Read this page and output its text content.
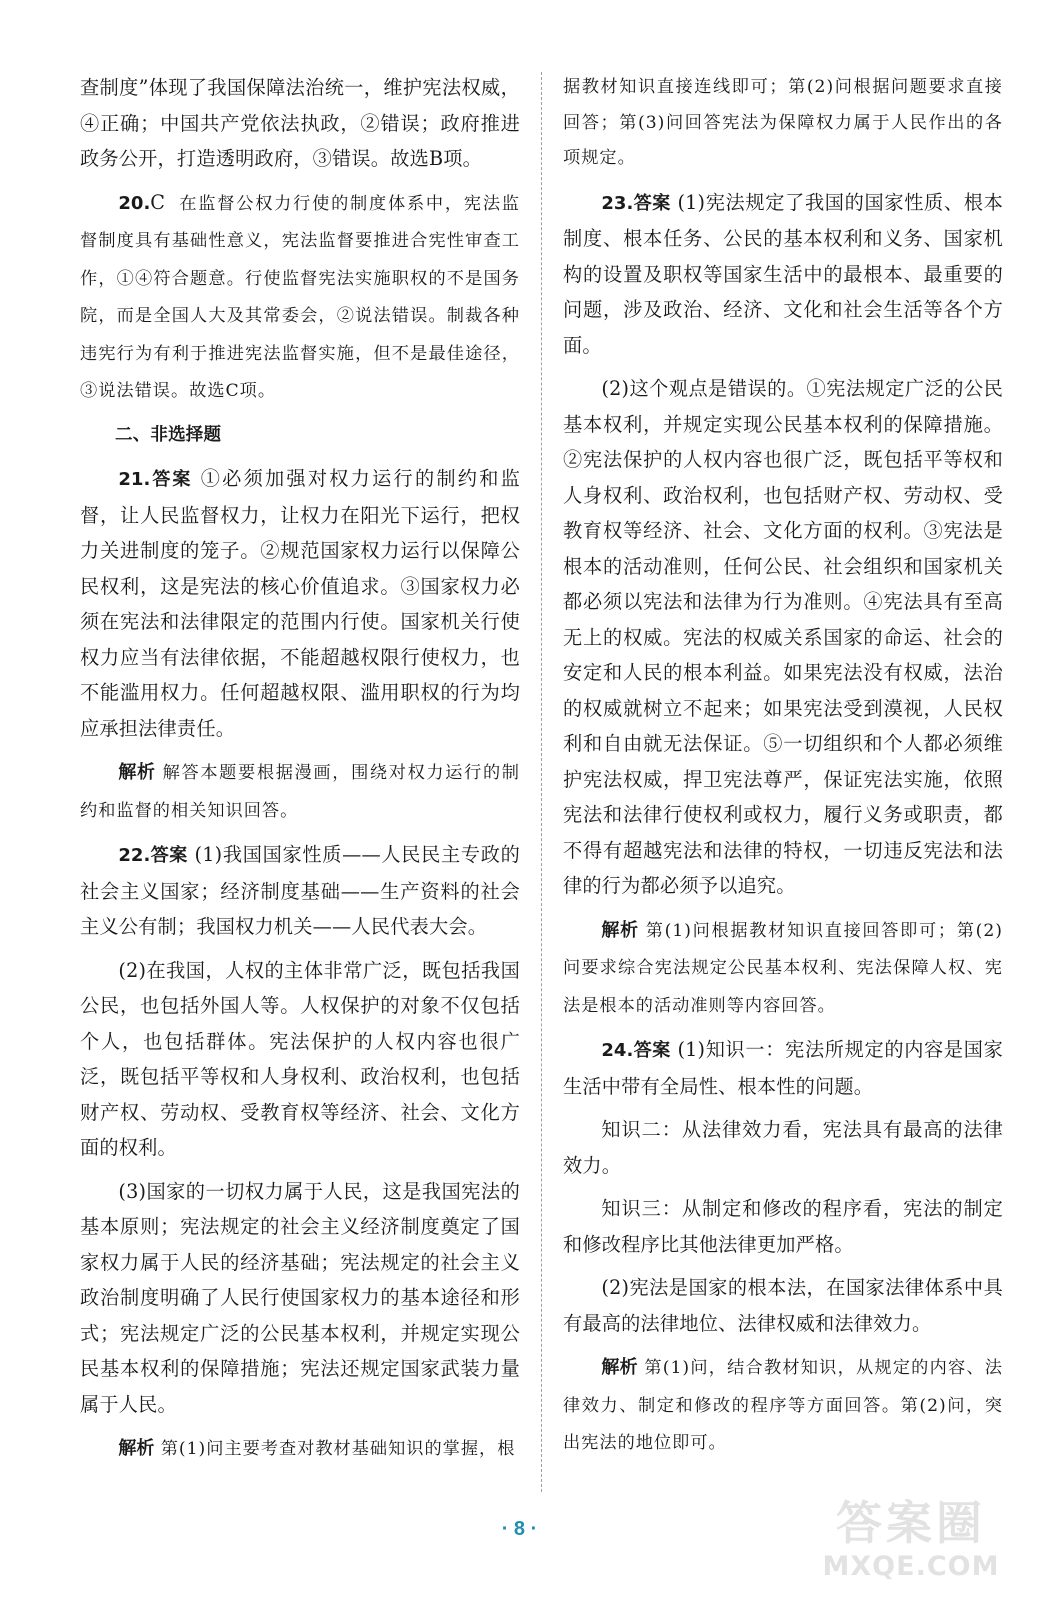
查制度”体现了我国保障法治统一，维护宪法权威，④正确；中国共产党依法执政，②错误；政府推进政务公开，打造透明政府，③错误。故选B项。

20.C 在监督公权力行使的制度体系中，宪法监督制度具有基础性意义，宪法监督要推进合宪性审查工作，①④符合题意。行使监督宪法实施职权的不是国务院，而是全国人大及其常委会，②说法错误。制裁各种违宪行为有利于推进宪法监督实施，但不是最佳途径，③说法错误。故选C项。

二、非选择题

21.答案 ①必须加强对权力运行的制约和监督，让人民监督权力，让权力在阳光下运行，把权力关进制度的笼子。②规范国家权力运行以保障公民权利，这是宪法的核心价值追求。③国家权力必须在宪法和法律限定的范围内行使。国家机关行使权力应当有法律依据，不能超越权限行使权力，也不能滥用权力。任何超越权限、滥用职权的行为均应承担法律责任。

解析 解答本题要根据漫画，围绕对权力运行的制约和监督的相关知识回答。

22.答案 (1)我国国家性质——人民民主专政的社会主义国家；经济制度基础——生产资料的社会主义公有制；我国权力机关——人民代表大会。

(2)在我国，人权的主体非常广泛，既包括我国公民，也包括外国人等。人权保护的对象不仅包括个人，也包括群体。宪法保护的人权内容也很广泛，既包括平等权和人身权利、政治权利，也包括财产权、劳动权、受教育权等经济、社会、文化方面的权利。

(3)国家的一切权力属于人民，这是我国宪法的基本原则；宪法规定的社会主义经济制度奠定了国家权力属于人民的经济基础；宪法规定的社会主义政治制度明确了人民行使国家权力的基本途径和形式；宪法规定广泛的公民基本权利，并规定实现公民基本权利的保障措施；宪法还规定国家武装力量属于人民。

解析 第(1)问主要考查对教材基础知识的掌握，根

据教材知识直接连线即可；第(2)问根据问题要求直接回答；第(3)问回答宪法为保障权力属于人民作出的各项规定。

23.答案 (1)宪法规定了我国的国家性质、根本制度、根本任务、公民的基本权利和义务、国家机构的设置及职权等国家生活中的最根本、最重要的问题，涉及政治、经济、文化和社会生活等各个方面。

(2)这个观点是错误的。①宪法规定广泛的公民基本权利，并规定实现公民基本权利的保障措施。②宪法保护的人权内容也很广泛，既包括平等权和人身权利、政治权利，也包括财产权、劳动权、受教育权等经济、社会、文化方面的权利。③宪法是根本的活动准则，任何公民、社会组织和国家机关都必须以宪法和法律为行为准则。④宪法具有至高无上的权威。宪法的权威关系国家的命运、社会的安定和人民的根本利益。如果宪法没有权威，法治的权威就树立不起来；如果宪法受到漠视，人民权利和自由就无法保证。⑤一切组织和个人都必须维护宪法权威，捍卫宪法尊严，保证宪法实施，依照宪法和法律行使权利或权力，履行义务或职责，都不得有超越宪法和法律的特权，一切违反宪法和法律的行为都必须予以追究。

解析 第(1)问根据教材知识直接回答即可；第(2)问要求综合宪法规定公民基本权利、宪法保障人权、宪法是根本的活动准则等内容回答。

24.答案 (1)知识一：宪法所规定的内容是国家生活中带有全局性、根本性的问题。

知识二：从法律效力看，宪法具有最高的法律效力。

知识三：从制定和修改的程序看，宪法的制定和修改程序比其他法律更加严格。

(2)宪法是国家的根本法，在国家法律体系中具有最高的法律地位、法律权威和法律效力。

解析 第(1)问，结合教材知识，从规定的内容、法律效力、制定和修改的程序等方面回答。第(2)问，突出宪法的地位即可。

· 8 ·	答案圈
MXQE.COM
